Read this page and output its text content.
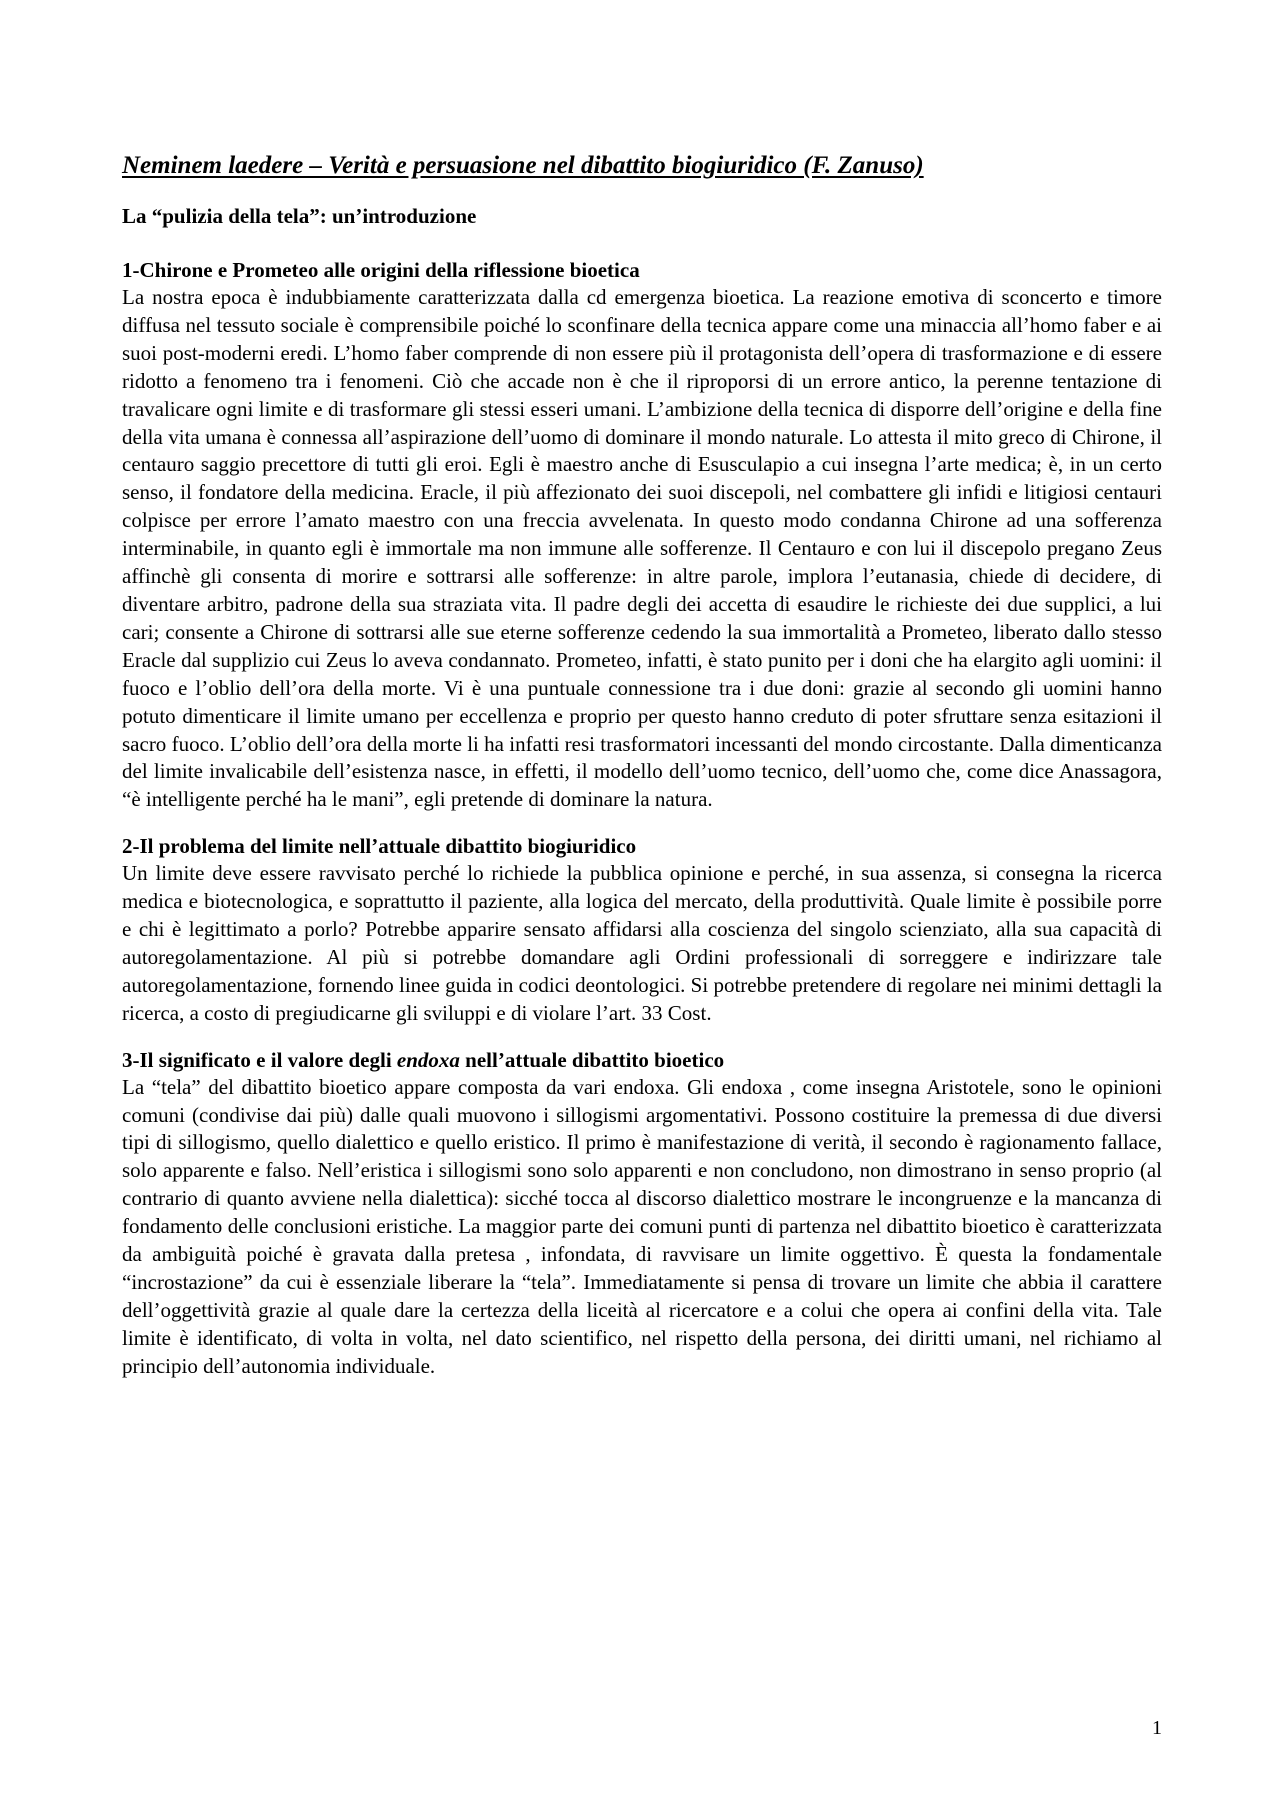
Neminem laedere – Verità e persuasione nel dibattito biogiuridico (F. Zanuso)
La “pulizia della tela”: un’introduzione
1-Chirone e Prometeo alle origini della riflessione bioetica

La nostra epoca è indubbiamente caratterizzata dalla cd emergenza bioetica. La reazione emotiva di sconcerto e timore diffusa nel tessuto sociale è comprensibile poiché lo sconfinare della tecnica appare come una minaccia all’homo faber e ai suoi post-moderni eredi. L’homo faber comprende di non essere più il protagonista dell’opera di trasformazione e di essere ridotto a fenomeno tra i fenomeni. Ciò che accade non è che il riproporsi di un errore antico, la perenne tentazione di travalicare ogni limite e di trasformare gli stessi esseri umani. L’ambizione della tecnica di disporre dell’origine e della fine della vita umana è connessa all’aspirazione dell’uomo di dominare il mondo naturale. Lo attesta il mito greco di Chirone, il centauro saggio precettore di tutti gli eroi. Egli è maestro anche di Esusculapio a cui insegna l’arte medica; è, in un certo senso, il fondatore della medicina. Eracle, il più affezionato dei suoi discepoli, nel combattere gli infidi e litigiosi centauri colpisce per errore l’amato maestro con una freccia avvelenata. In questo modo condanna Chirone ad una sofferenza interminabile, in quanto egli è immortale ma non immune alle sofferenze. Il Centauro e con lui il discepolo pregano Zeus affinchè gli consenta di morire e sottrarsi alle sofferenze: in altre parole, implora l’eutanasia, chiede di decidere, di diventare arbitro, padrone della sua straziata vita. Il padre degli dei accetta di esaudire le richieste dei due supplici, a lui cari; consente a Chirone di sottrarsi alle sue eterne sofferenze cedendo la sua immortalità a Prometeo, liberato dallo stesso Eracle dal supplizio cui Zeus lo aveva condannato. Prometeo, infatti, è stato punito per i doni che ha elargito agli uomini: il fuoco e l’oblio dell’ora della morte. Vi è una puntuale connessione tra i due doni: grazie al secondo gli uomini hanno potuto dimenticare il limite umano per eccellenza e proprio per questo hanno creduto di poter sfruttare senza esitazioni il sacro fuoco. L’oblio dell’ora della morte li ha infatti resi trasformatori incessanti del mondo circostante. Dalla dimenticanza del limite invalicabile dell’esistenza nasce, in effetti, il modello dell’uomo tecnico, dell’uomo che, come dice Anassagora, “è intelligente perché ha le mani”, egli pretende di dominare la natura.

2-Il problema del limite nell’attuale dibattito biogiuridico

Un limite deve essere ravvisato perché lo richiede la pubblica opinione e perché, in sua assenza, si consegna la ricerca medica e biotecnologica, e soprattutto il paziente, alla logica del mercato, della produttività. Quale limite è possibile porre e chi è legittimato a porlo? Potrebbe apparire sensato affidarsi alla coscienza del singolo scienziato, alla sua capacità di autoregolamentazione. Al più si potrebbe domandare agli Ordini professionali di sorreggere e indirizzare tale autoregolamentazione, fornendo linee guida in codici deontologici. Si potrebbe pretendere di regolare nei minimi dettagli la ricerca, a costo di pregiudicarne gli sviluppi e di violare l’art. 33 Cost.

3-Il significato e il valore degli endoxa nell’attuale dibattito bioetico

La “tela” del dibattito bioetico appare composta da vari endoxa. Gli endoxa , come insegna Aristotele, sono le opinioni comuni (condivise dai più) dalle quali muovono i sillogismi argomentativi. Possono costituire la premessa di due diversi tipi di sillogismo, quello dialettico e quello eristico. Il primo è manifestazione di verità, il secondo è ragionamento fallace, solo apparente e falso. Nell’eristica i sillogismi sono solo apparenti e non concludono, non dimostrano in senso proprio (al contrario di quanto avviene nella dialettica): sicché tocca al discorso dialettico mostrare le incongruenze e la mancanza di fondamento delle conclusioni eristiche. La maggior parte dei comuni punti di partenza nel dibattito bioetico è caratterizzata da ambiguità poiché è gravata dalla pretesa , infondata, di ravvisare un limite oggettivo. È questa la fondamentale “incrostazione” da cui è essenziale liberare la “tela”. Immediatamente si pensa di trovare un limite che abbia il carattere dell’oggettività grazie al quale dare la certezza della liceità al ricercatore e a colui che opera ai confini della vita. Tale limite è identificato, di volta in volta, nel dato scientifico, nel rispetto della persona, dei diritti umani, nel richiamo al principio dell’autonomia individuale.

1
